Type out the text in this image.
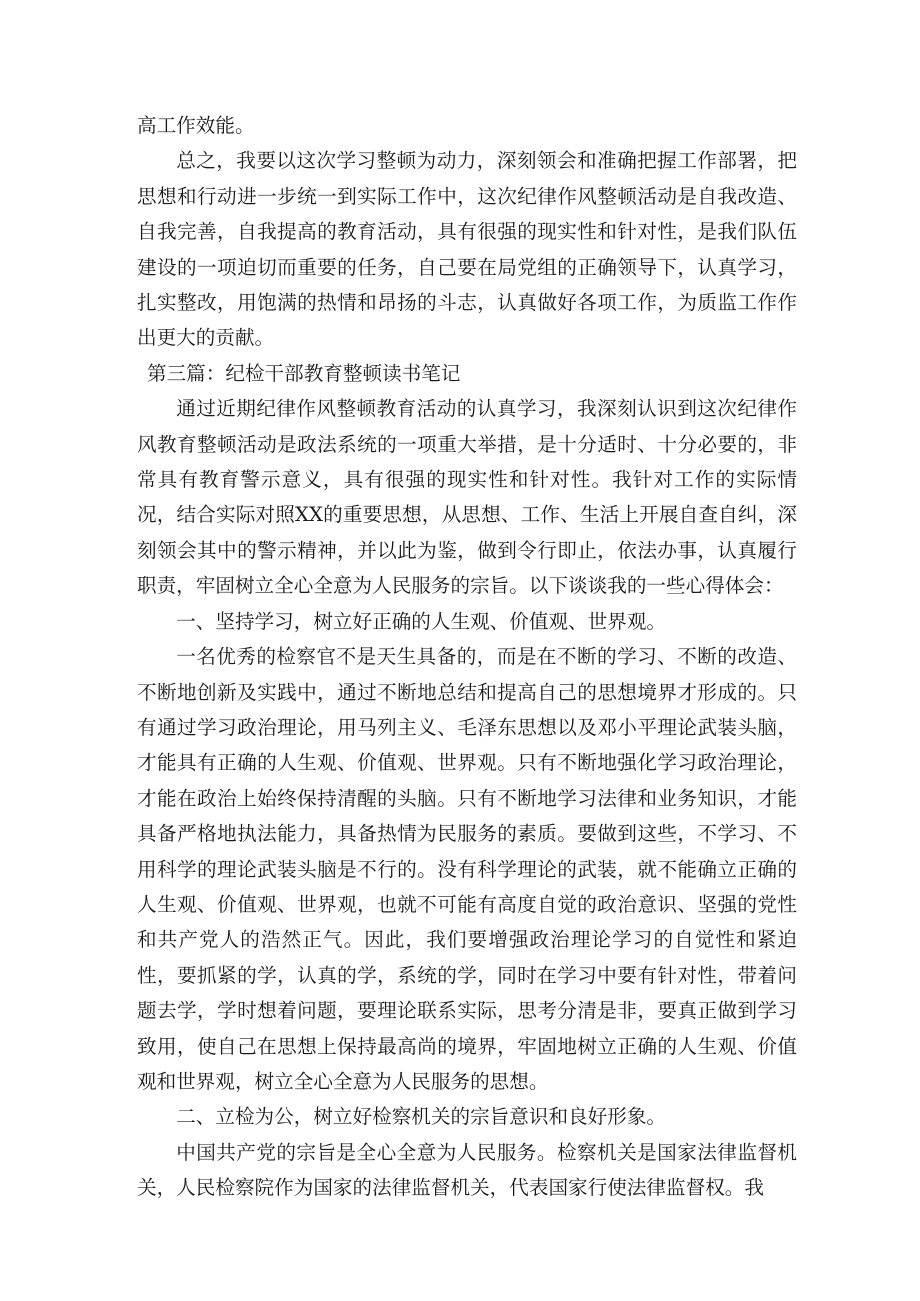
高工作效能。

总之，我要以这次学习整顿为动力，深刻领会和准确把握工作部署，把思想和行动进一步统一到实际工作中，这次纪律作风整顿活动是自我改造、自我完善，自我提高的教育活动，具有很强的现实性和针对性，是我们队伍建设的一项迫切而重要的任务，自己要在局党组的正确领导下，认真学习，扎实整改，用饱满的热情和昂扬的斗志，认真做好各项工作，为质监工作作出更大的贡献。

第三篇：纪检干部教育整顿读书笔记

通过近期纪律作风整顿教育活动的认真学习，我深刻认识到这次纪律作风教育整顿活动是政法系统的一项重大举措，是十分适时、十分必要的，非常具有教育警示意义，具有很强的现实性和针对性。我针对工作的实际情况，结合实际对照XX的重要思想，从思想、工作、生活上开展自查自纠，深刻领会其中的警示精神，并以此为鉴，做到令行即止，依法办事，认真履行职责，牢固树立全心全意为人民服务的宗旨。以下谈谈我的一些心得体会：

一、坚持学习，树立好正确的人生观、价值观、世界观。

一名优秀的检察官不是天生具备的，而是在不断的学习、不断的改造、不断地创新及实践中，通过不断地总结和提高自己的思想境界才形成的。只有通过学习政治理论，用马列主义、毛泽东思想以及邓小平理论武装头脑，才能具有正确的人生观、价值观、世界观。只有不断地强化学习政治理论，才能在政治上始终保持清醒的头脑。只有不断地学习法律和业务知识，才能具备严格地执法能力，具备热情为民服务的素质。要做到这些，不学习、不用科学的理论武装头脑是不行的。没有科学理论的武装，就不能确立正确的人生观、价值观、世界观，也就不可能有高度自觉的政治意识、坚强的党性和共产党人的浩然正气。因此，我们要增强政治理论学习的自觉性和紧迫性，要抓紧的学，认真的学，系统的学，同时在学习中要有针对性，带着问题去学，学时想着问题，要理论联系实际，思考分清是非，要真正做到学习致用，使自己在思想上保持最高尚的境界，牢固地树立正确的人生观、价值观和世界观，树立全心全意为人民服务的思想。

二、立检为公，树立好检察机关的宗旨意识和良好形象。

中国共产党的宗旨是全心全意为人民服务。检察机关是国家法律监督机关，人民检察院作为国家的法律监督机关，代表国家行使法律监督权。我
